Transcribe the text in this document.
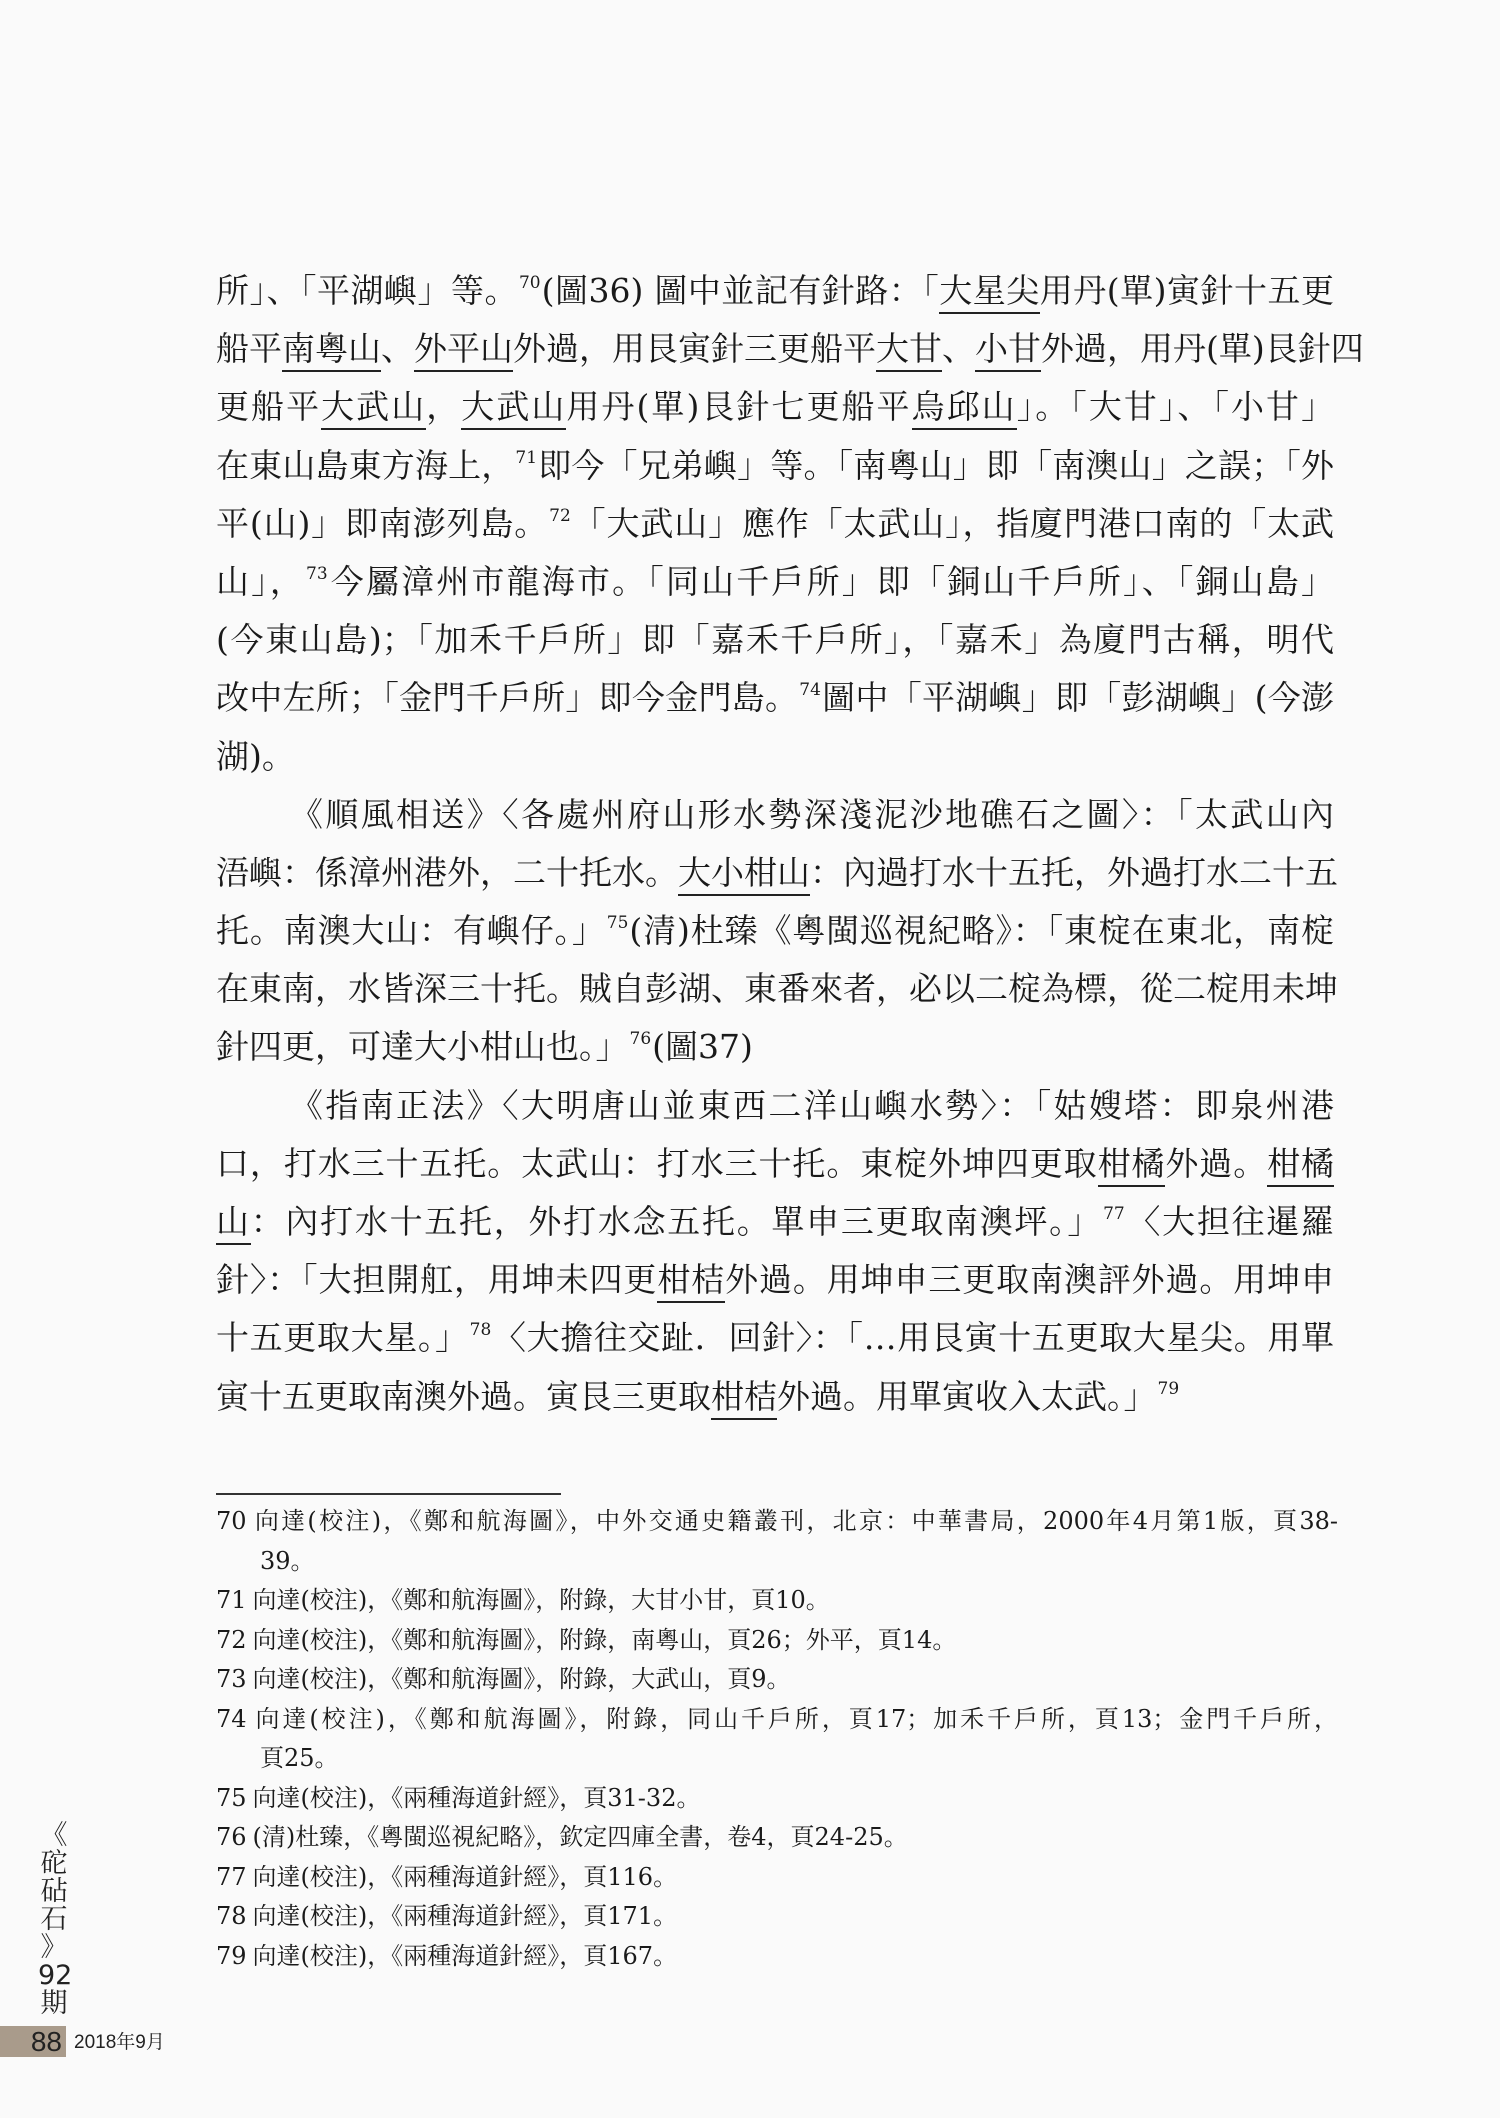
所」、「平湖嶼」等。$^{70}$(圖36) 圖中並記有針路：「大星尖用丹(單)寅針十五更
船平南粵山、外平山外過，用艮寅針三更船平大甘、小甘外過，用丹(單)艮針四
更船平大武山，大武山用丹(單)艮針七更船平烏邱山」。「大甘」、「小甘」
在東山島東方海上，$^{71}$即今「兄弟嶼」等。「南粵山」即「南澳山」之誤；「外
平(山)」即南澎列島。$^{72}$「大武山」應作「太武山」，指廈門港口南的「太武
山」，$^{73}$今屬漳州市龍海市。「同山千戶所」即「銅山千戶所」、「銅山島」
(今東山島)；「加禾千戶所」即「嘉禾千戶所」，「嘉禾」為廈門古稱，明代
改中左所；「金門千戶所」即今金門島。$^{74}$圖中「平湖嶼」即「彭湖嶼」(今澎
湖)。
《順風相送》〈各處州府山形水勢深淺泥沙地礁石之圖〉：「太武山內
浯嶼：係漳州港外，二十托水。大小柑山：內過打水十五托，外過打水二十五
托。南澳大山：有嶼仔。」$^{75}$(清)杜臻《粵閩巡視紀略》：「東椗在東北，南椗
在東南，水皆深三十托。賊自彭湖、東番來者，必以二椗為標，從二椗用未坤
針四更，可達大小柑山也。」$^{76}$(圖37)
《指南正法》〈大明唐山並東西二洋山嶼水勢〉：「姑嫂塔：即泉州港
口，打水三十五托。太武山：打水三十托。東椗外坤四更取柑橘外過。柑橘
山：內打水十五托，外打水念五托。單申三更取南澳坪。」$^{77}$〈大担往暹羅
針〉：「大担開舡，用坤未四更柑桔外過。用坤申三更取南澳評外過。用坤申
十五更取大星。」$^{78}$〈大擔往交趾．回針〉：「…用艮寅十五更取大星尖。用單
寅十五更取南澳外過。寅艮三更取柑桔外過。用單寅收入太武。」$^{79}$
70 向達(校注)，《鄭和航海圖》，中外交通史籍叢刊，北京：中華書局，2000年4月第1版，頁38-
39。
71 向達(校注)，《鄭和航海圖》，附錄，大甘小甘，頁10。
72 向達(校注)，《鄭和航海圖》，附錄，南粵山，頁26；外平，頁14。
73 向達(校注)，《鄭和航海圖》，附錄，大武山，頁9。
74 向達(校注)，《鄭和航海圖》，附錄，同山千戶所，頁17；加禾千戶所，頁13；金門千戶所，
頁25。
75 向達(校注)，《兩種海道針經》，頁31-32。
76 (清)杜臻，《粵閩巡視紀略》，欽定四庫全書，卷4，頁24-25。
77 向達(校注)，《兩種海道針經》，頁116。
78 向達(校注)，《兩種海道針經》，頁171。
79 向達(校注)，《兩種海道針經》，頁167。
《
砣
砧
石
》
92
期
88 2018年9月
